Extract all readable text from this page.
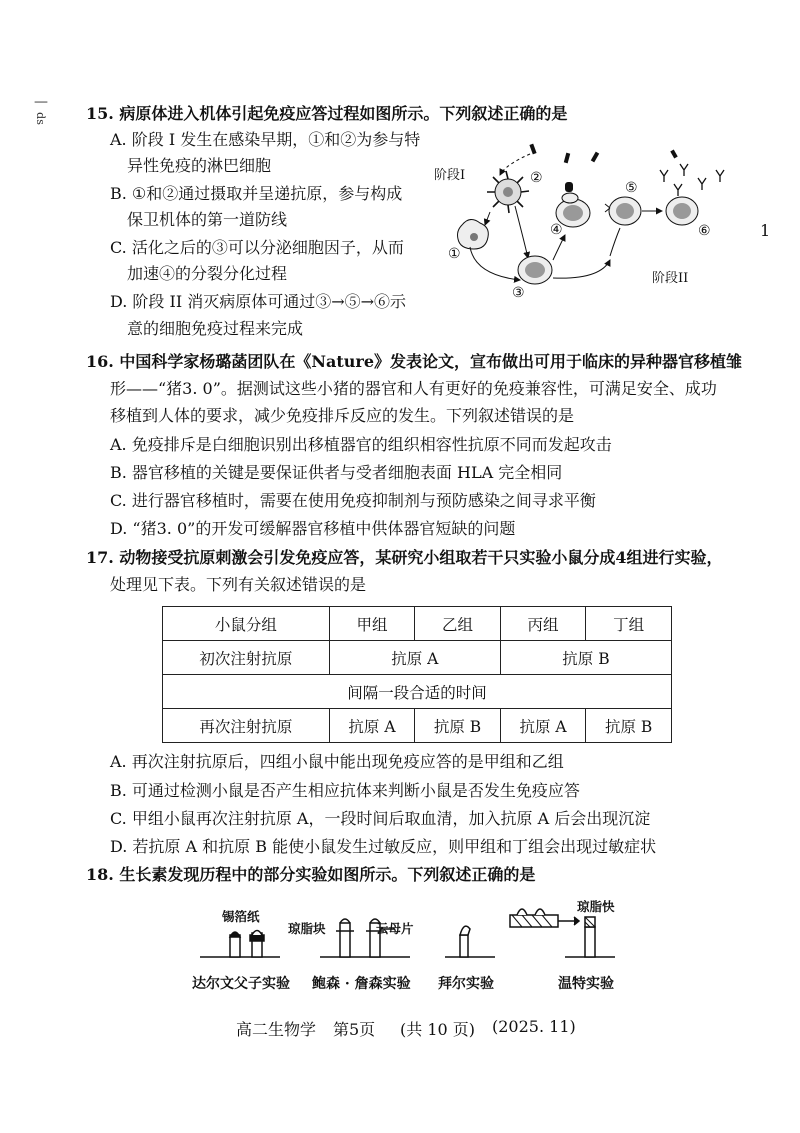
—
ds
1
15. 病原体进入机体引起免疫应答过程如图所示。下列叙述正确的是
A. 阶段 I 发生在感染早期，①和②为参与特
异性免疫的淋巴细胞
B. ①和②通过摄取并呈递抗原，参与构成
保卫机体的第一道防线
C. 活化之后的③可以分泌细胞因子，从而
加速④的分裂分化过程
D. 阶段 II 消灭病原体可通过③→⑤→⑥示
意的细胞免疫过程来完成
阶段I
阶段II
①
②
③
④
⑤
⑥
16. 中国科学家杨璐菡团队在《Nature》发表论文，宣布做出可用于临床的异种器官移植雏
形——“猪3. 0”。据测试这些小猪的器官和人有更好的免疫兼容性，可满足安全、成功
移植到人体的要求，减少免疫排斥反应的发生。下列叙述错误的是
A. 免疫排斥是白细胞识别出移植器官的组织相容性抗原不同而发起攻击
B. 器官移植的关键是要保证供者与受者细胞表面 HLA 完全相同
C. 进行器官移植时，需要在使用免疫抑制剂与预防感染之间寻求平衡
D. “猪3. 0”的开发可缓解器官移植中供体器官短缺的问题
17. 动物接受抗原刺激会引发免疫应答，某研究小组取若干只实验小鼠分成4组进行实验，
处理见下表。下列有关叙述错误的是
小鼠分组	甲组	乙组	丙组	丁组
初次注射抗原	抗原 A		抗原 B	
间隔一段合适的时间				
再次注射抗原	抗原 A	抗原 B	抗原 A	抗原 B
A. 再次注射抗原后，四组小鼠中能出现免疫应答的是甲组和乙组
B. 可通过检测小鼠是否产生相应抗体来判断小鼠是否发生免疫应答
C. 甲组小鼠再次注射抗原 A，一段时间后取血清，加入抗原 A 后会出现沉淀
D. 若抗原 A 和抗原 B 能使小鼠发生过敏反应，则甲组和丁组会出现过敏症状
18. 生长素发现历程中的部分实验如图所示。下列叙述正确的是
锡箔纸
琼脂块	云母片
琼脂快
达尔文父子实验 鲍森 · 詹森实验 拜尔实验	温特实验
高二生物学 第5页 (共 10 页) (2025. 11)
